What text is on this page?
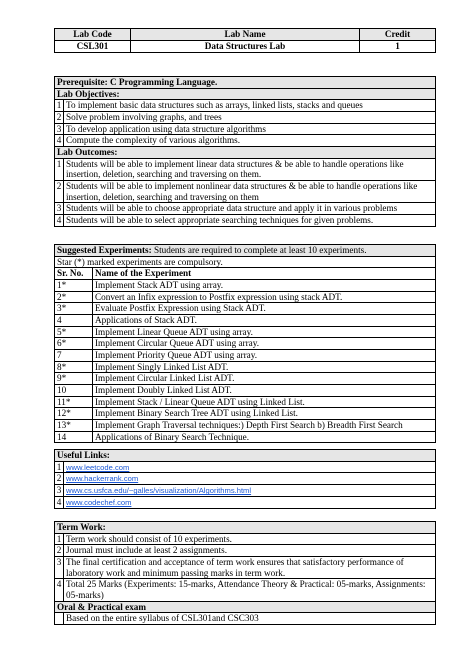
Lab Code	Lab Name	Credit
CSL301	Data Structures Lab	1
Prerequisite: C Programming Language.	
Lab Objectives:	
1	To implement basic data structures such as arrays, linked lists, stacks and queues
2	Solve problem involving graphs, and trees
3	To develop application using data structure algorithms
4	Compute the complexity of various algorithms.
Lab Outcomes:	
1	Students will be able to implement linear data structures & be able to handle operations like insertion, deletion, searching and traversing on them.
2	Students will be able to implement nonlinear data structures & be able to handle operations like insertion, deletion, searching and traversing on them
3	Students will be able to choose appropriate data structure and apply it in various problems
4	Students will be able to select appropriate searching techniques for given problems.
Suggested Experiments: Students are required to complete at least 10 experiments.	
Star (*) marked experiments are compulsory.	
Sr. No.	Name of the Experiment
1*	Implement Stack ADT using array.
2*	Convert an Infix expression to Postfix expression using stack ADT.
3*	Evaluate Postfix Expression using Stack ADT.
4	Applications of Stack ADT.
5*	Implement Linear Queue ADT using array.
6*	Implement Circular Queue ADT using array.
7	Implement Priority Queue ADT using array.
8*	Implement Singly Linked List ADT.
9*	Implement Circular Linked List ADT.
10	Implement Doubly Linked List ADT.
11*	Implement Stack / Linear Queue ADT using Linked List.
12*	Implement Binary Search Tree ADT using Linked List.
13*	Implement Graph Traversal techniques:) Depth First Search b) Breadth First Search
14	Applications of Binary Search Technique.
Useful Links:	
1	www.leetcode.com
2	www.hackerrank.com
3	www.cs.usfca.edu/~galles/visualization/Algorithms.html
4	www.codechef.com
Term Work:	
1	Term work should consist of 10 experiments.
2	Journal must include at least 2 assignments.
3	The final certification and acceptance of term work ensures that satisfactory performance of laboratory work and minimum passing marks in term work.
4	Total 25 Marks (Experiments: 15-marks, Attendance Theory & Practical: 05-marks, Assignments: 05-marks)
Oral & Practical exam	
	Based on the entire syllabus of CSL301and CSC303
